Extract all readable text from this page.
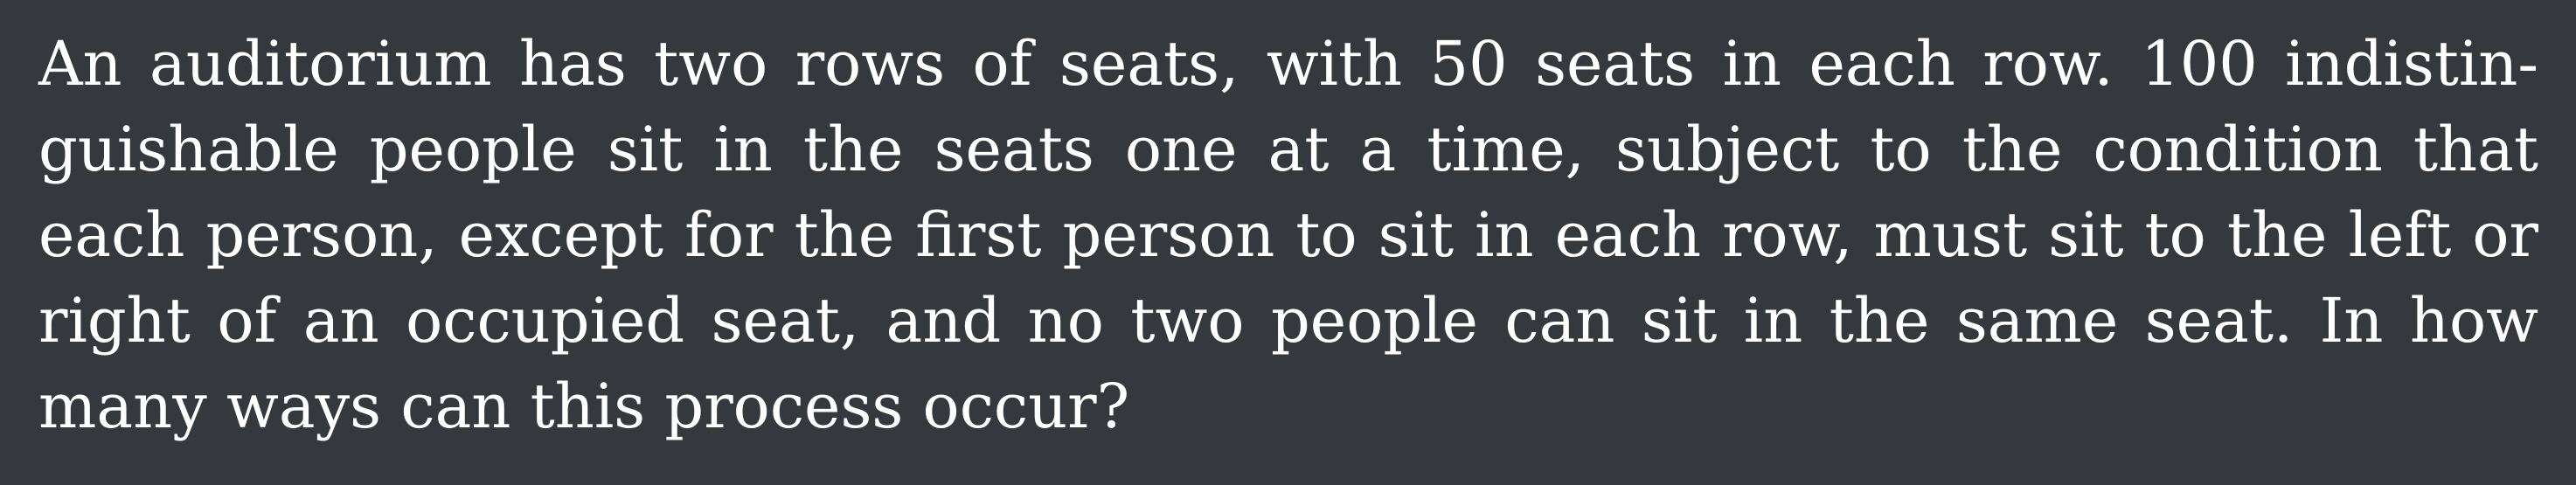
An auditorium has two rows of seats, with 50 seats in each row. 100 indistin-
guishable people sit in the seats one at a time, subject to the condition that
each person, except for the first person to sit in each row, must sit to the left or
right of an occupied seat, and no two people can sit in the same seat. In how
many ways can this process occur?
